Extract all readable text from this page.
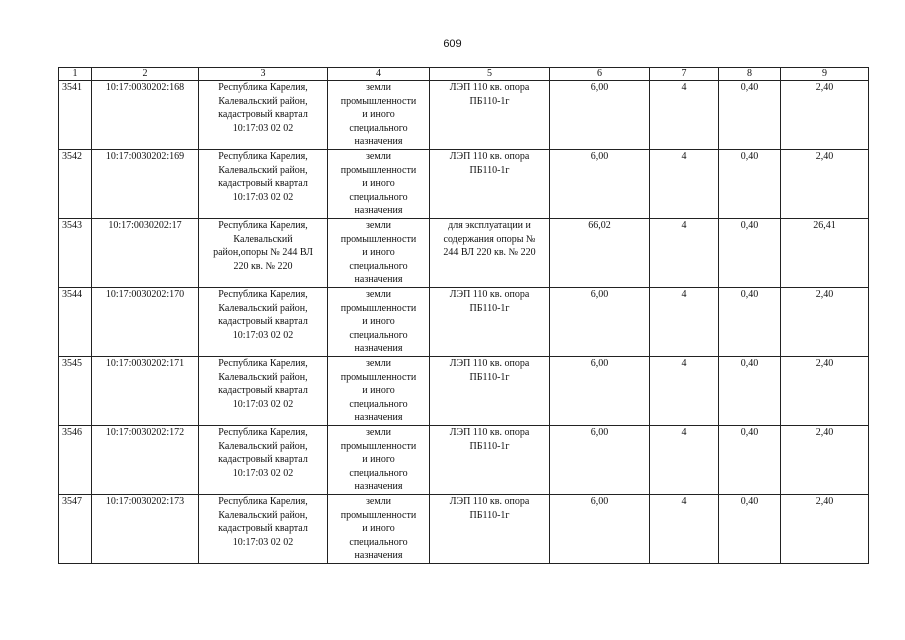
609
1	2	3	4	5	6	7	8	9
3541	10:17:0030202:168	Республика Карелия,
Калевальский район,
кадастровый квартал
10:17:03 02 02	земли
промышленности
и иного
специального
назначения	ЛЭП 110 кв. опора
ПБ110-1г	6,00	4	0,40	2,40
3542	10:17:0030202:169	Республика Карелия,
Калевальский район,
кадастровый квартал
10:17:03 02 02	земли
промышленности
и иного
специального
назначения	ЛЭП 110 кв. опора
ПБ110-1г	6,00	4	0,40	2,40
3543	10:17:0030202:17	Республика Карелия,
Калевальский
район,опоры № 244 ВЛ
220 кв. № 220	земли
промышленности
и иного
специального
назначения	для эксплуатации и
содержания опоры №
244 ВЛ 220 кв. № 220	66,02	4	0,40	26,41
3544	10:17:0030202:170	Республика Карелия,
Калевальский район,
кадастровый квартал
10:17:03 02 02	земли
промышленности
и иного
специального
назначения	ЛЭП 110 кв. опора
ПБ110-1г	6,00	4	0,40	2,40
3545	10:17:0030202:171	Республика Карелия,
Калевальский район,
кадастровый квартал
10:17:03 02 02	земли
промышленности
и иного
специального
назначения	ЛЭП 110 кв. опора
ПБ110-1г	6,00	4	0,40	2,40
3546	10:17:0030202:172	Республика Карелия,
Калевальский район,
кадастровый квартал
10:17:03 02 02	земли
промышленности
и иного
специального
назначения	ЛЭП 110 кв. опора
ПБ110-1г	6,00	4	0,40	2,40
3547	10:17:0030202:173	Республика Карелия,
Калевальский район,
кадастровый квартал
10:17:03 02 02	земли
промышленности
и иного
специального
назначения	ЛЭП 110 кв. опора
ПБ110-1г	6,00	4	0,40	2,40
